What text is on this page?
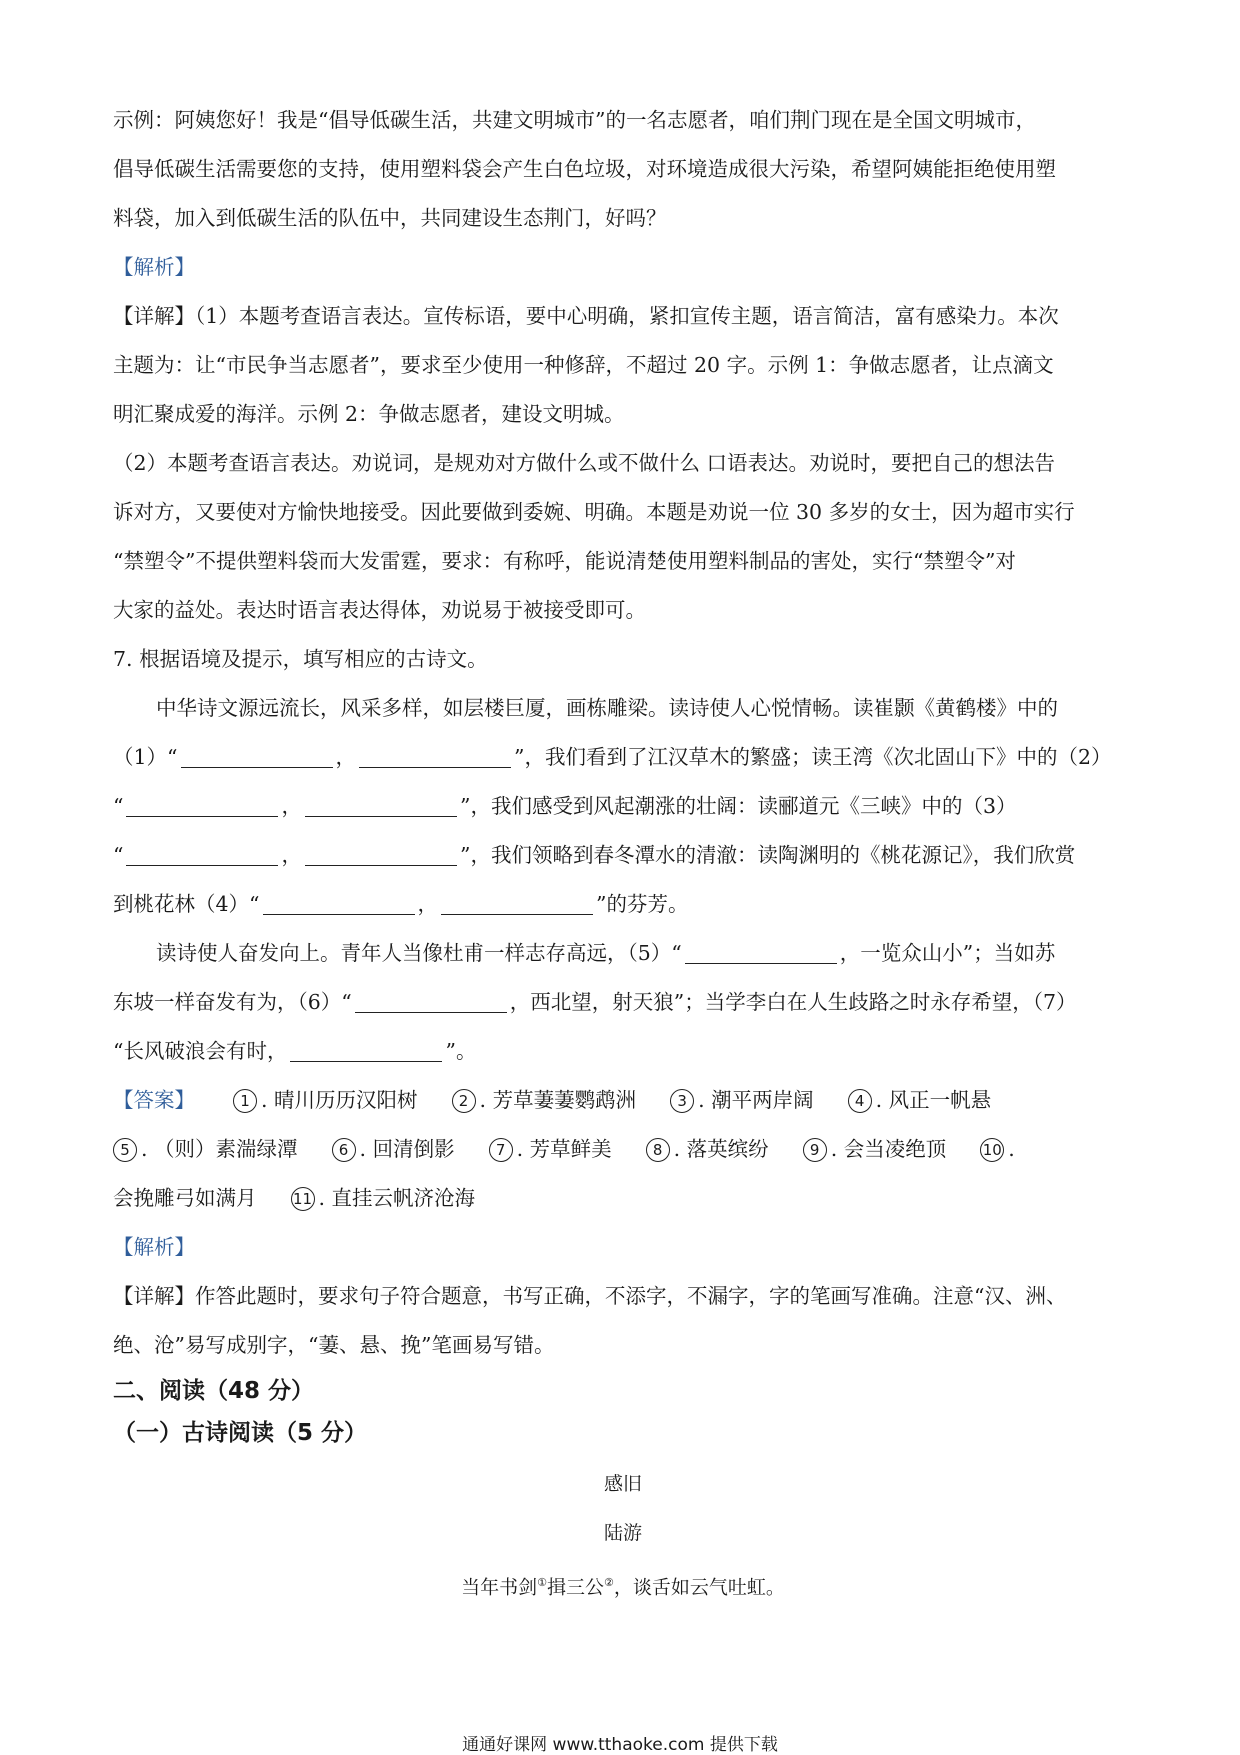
示例：阿姨您好！我是“倡导低碳生活，共建文明城市”的一名志愿者，咱们荆门现在是全国文明城市，

倡导低碳生活需要您的支持，使用塑料袋会产生白色垃圾，对环境造成很大污染，希望阿姨能拒绝使用塑

料袋，加入到低碳生活的队伍中，共同建设生态荆门，好吗？

【解析】

【详解】（1）本题考查语言表达。宣传标语，要中心明确，紧扣宣传主题，语言简洁，富有感染力。本次

主题为：让“市民争当志愿者”，要求至少使用一种修辞，不超过 20 字。示例 1：争做志愿者，让点滴文

明汇聚成爱的海洋。示例 2：争做志愿者，建设文明城。

（2）本题考查语言表达。劝说词，是规劝对方做什么或不做什么 口语表达。劝说时，要把自己的想法告

诉对方，又要使对方愉快地接受。因此要做到委婉、明确。本题是劝说一位 30 多岁的女士，因为超市实行

“禁塑令”不提供塑料袋而大发雷霆，要求：有称呼，能说清楚使用塑料制品的害处，实行“禁塑令”对

大家的益处。表达时语言表达得体，劝说易于被接受即可。

7. 根据语境及提示，填写相应的古诗文。

中华诗文源远流长，风采多样，如层楼巨厦，画栋雕梁。读诗使人心悦情畅。读崔颢《黄鹤楼》中的

（1）“	，	”，我们看到了江汉草木的繁盛；读王湾《次北固山下》中的（2）

“	，	”，我们感受到风起潮涨的壮阔：读郦道元《三峡》中的（3）

“	，	”，我们领略到春冬潭水的清澈：读陶渊明的《桃花源记》，我们欣赏

到桃花林（4）“	，	”的芬芳。

读诗使人奋发向上。青年人当像杜甫一样志存高远，（5）“	，一览众山小”；当如苏

东坡一样奋发有为，（6）“	，西北望，射天狼”；当学李白在人生歧路之时永存希望，（7）

“长风破浪会有时，	”。

【答案】	1 . 晴川历历汉阳树	2 . 芳草萋萋鹦鹉洲	3 . 潮平两岸阔	4 . 风正一帆悬
5 . （则）素湍绿潭	6 . 回清倒影	7 . 芳草鲜美	8 . 落英缤纷	9 . 会当凌绝顶 10 .
会挽雕弓如满月 11 . 直挂云帆济沧海

【解析】

【详解】作答此题时，要求句子符合题意，书写正确，不添字，不漏字，字的笔画写准确。注意“汉、洲、

绝、沧”易写成别字，“萋、悬、挽”笔画易写错。

二、阅读（48 分）

（一）古诗阅读（5 分）

感旧

陆游

当年书剑①揖三公②，谈舌如云气吐虹。

通通好课网 www.tthaoke.com 提供下载
